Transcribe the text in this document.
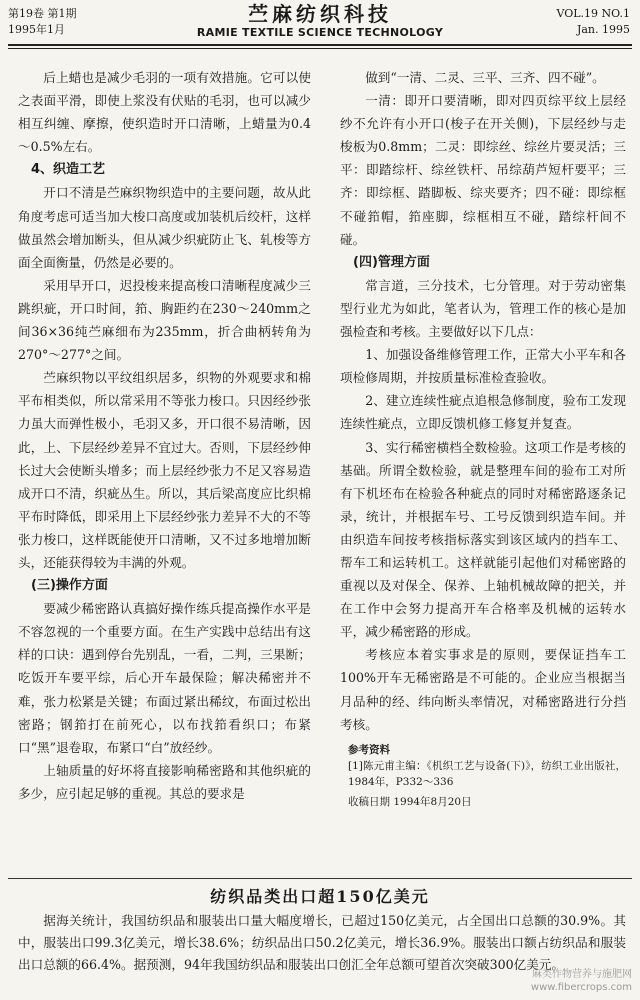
第19卷 第1期
1995年1月
苎麻纺织科技
RAMIE TEXTILE SCIENCE TECHNOLOGY
VOL.19 NO.1
Jan. 1995

后上蜡也是减少毛羽的一项有效措施。它可以使之表面平滑，即使上浆没有伏贴的毛羽，也可以减少相互纠缠、摩擦，使织造时开口清晰，上蜡量为0.4～0.5%左右。

4、织造工艺

开口不清是苎麻织物织造中的主要问题，故从此角度考虑可适当加大梭口高度或加装机后绞杆，这样做虽然会增加断头，但从减少织疵防止飞、轧梭等方面全面衡量，仍然是必要的。

采用早开口，迟投梭来提高梭口清晰程度减少三跳织疵，开口时间，筘、胸距约在230～240mm之间36×36纯苎麻细布为235mm，折合曲柄转角为270°～277°之间。

苎麻织物以平纹组织居多，织物的外观要求和棉平布相类似，所以常采用不等张力梭口。只因经纱张力虽大而弹性极小，毛羽又多，开口很不易清晰，因此，上、下层经纱差异不宜过大。否则，下层经纱伸长过大会使断头增多；而上层经纱张力不足又容易造成开口不清，织疵丛生。所以，其后梁高度应比织棉平布时降低，即采用上下层经纱张力差异不大的不等张力梭口，这样既能使开口清晰，又不过多地增加断头，还能获得较为丰满的外观。

(三)操作方面

要减少稀密路认真搞好操作练兵提高操作水平是不容忽视的一个重要方面。在生产实践中总结出有这样的口诀：遇到停台先别乱，一看，二判，三果断；吃饭开车要平综，后心开车最保险；解决稀密并不难，张力松紧是关键；布面过紧出稀纹，布面过松出密路；钢筘打在前死心，以布找筘看织口；布紧口“黑”退卷取，布紧口“白”放经纱。

上轴质量的好坏将直接影响稀密路和其他织疵的多少，应引起足够的重视。其总的要求是

做到“一清、二灵、三平、三齐、四不碰”。

一清：即开口要清晰，即对四页综平纹上层经纱不允许有小开口(梭子在开关侧)，下层经纱与走梭板为0.8mm；二灵：即综丝、综丝片要灵活；三平：即踏综杆、综丝铁杆、吊综葫芦短杆要平；三齐：即综框、踏脚板、综夹要齐；四不碰：即综框不碰筘帽，筘座脚，综框相互不碰，踏综杆间不碰。

(四)管理方面

常言道，三分技术，七分管理。对于劳动密集型行业尤为如此，笔者认为，管理工作的核心是加强检查和考核。主要做好以下几点：

1、加强设备维修管理工作，正常大小平车和各项检修周期，并按质量标准检查验收。

2、建立连续性疵点追根急修制度，验布工发现连续性疵点，立即反馈机修工修复并复查。

3、实行稀密横档全数检验。这项工作是考核的基础。所谓全数检验，就是整理车间的验布工对所有下机坯布在检验各种疵点的同时对稀密路逐条记录，统计，并根据车号、工号反馈到织造车间。并由织造车间按考核指标落实到该区域内的挡车工、帮车工和运转机工。这样就能引起他们对稀密路的重视以及对保全、保养、上轴机械故障的把关，并在工作中会努力提高开车合格率及机械的运转水平，减少稀密路的形成。

考核应本着实事求是的原则，要保证挡车工100%开车无稀密路是不可能的。企业应当根据当月品种的经、纬向断头率情况，对稀密路进行分挡考核。

参考资料
[1]陈元甫主编：《机织工艺与设备(下)》，纺织工业出版社，1984年，P332～336
收稿日期 1994年8月20日
纺织品类出口超150亿美元

据海关统计，我国纺织品和服装出口量大幅度增长，已超过150亿美元，占全国出口总额的30.9%。其中，服装出口99.3亿美元，增长38.6%；纺织品出口50.2亿美元，增长36.9%。服装出口额占纺织品和服装出口总额的66.4%。据预测，94年我国纺织品和服装出口创汇全年总额可望首次突破300亿美元。

麻类作物营养与施肥网
www.fibercrops.com
